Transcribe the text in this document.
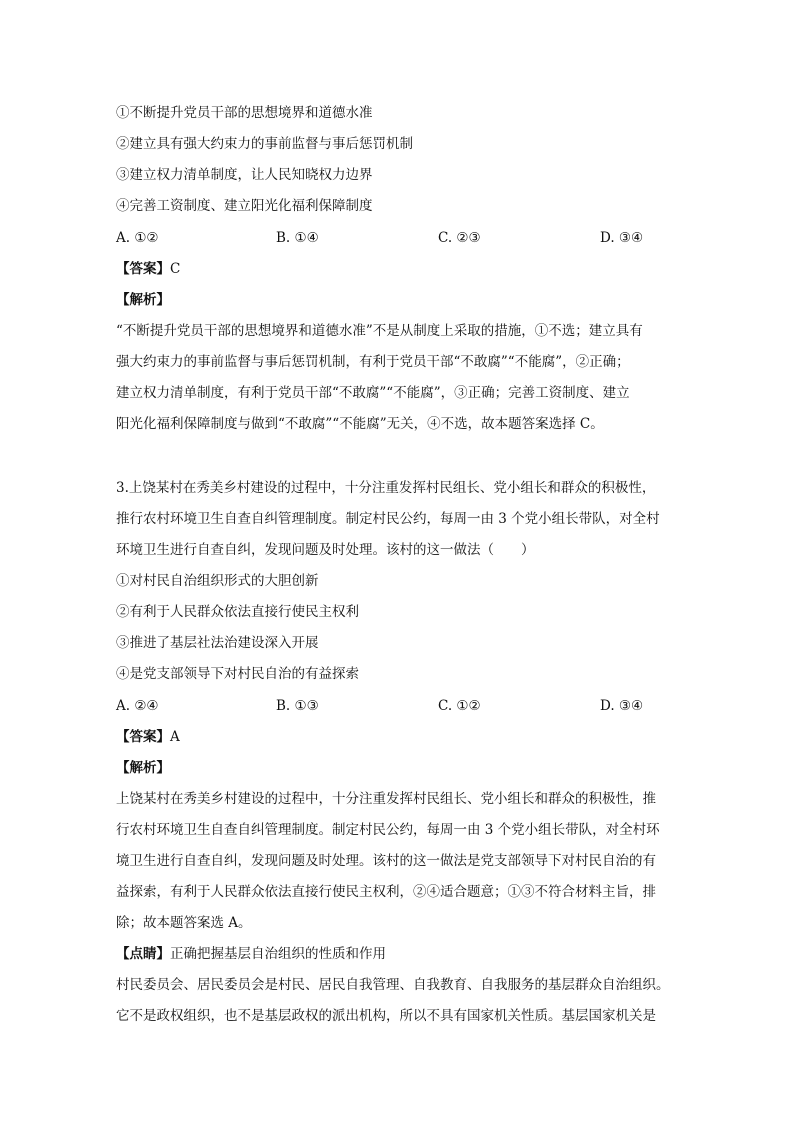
①不断提升党员干部的思想境界和道德水准
②建立具有强大约束力的事前监督与事后惩罚机制
③建立权力清单制度，让人民知晓权力边界
④完善工资制度、建立阳光化福利保障制度
A. ①②	B. ①④	C. ②③	D. ③④
【答案】C
【解析】
“不断提升党员干部的思想境界和道德水准”不是从制度上采取的措施，①不选；建立具有
强大约束力的事前监督与事后惩罚机制，有利于党员干部“不敢腐”“不能腐”，②正确；
建立权力清单制度，有利于党员干部“不敢腐”“不能腐”，③正确；完善工资制度、建立
阳光化福利保障制度与做到“不敢腐”“不能腐”无关，④不选，故本题答案选择 C。
3.上饶某村在秀美乡村建设的过程中，十分注重发挥村民组长、党小组长和群众的积极性，
推行农村环境卫生自查自纠管理制度。制定村民公约，每周一由 3 个党小组长带队，对全村
环境卫生进行自查自纠，发现问题及时处理。该村的这一做法（　　）
①对村民自治组织形式的大胆创新
②有利于人民群众依法直接行使民主权利
③推进了基层社法治建设深入开展
④是党支部领导下对村民自治的有益探索
A. ②④	B. ①③	C. ①②	D. ③④
【答案】A
【解析】
上饶某村在秀美乡村建设的过程中，十分注重发挥村民组长、党小组长和群众的积极性，推
行农村环境卫生自查自纠管理制度。制定村民公约，每周一由 3 个党小组长带队，对全村环
境卫生进行自查自纠，发现问题及时处理。该村的这一做法是党支部领导下对村民自治的有
益探索，有利于人民群众依法直接行使民主权利，②④适合题意；①③不符合材料主旨，排
除；故本题答案选 A。
【点睛】正确把握基层自治组织的性质和作用
村民委员会、居民委员会是村民、居民自我管理、自我教育、自我服务的基层群众自治组织。
它不是政权组织，也不是基层政权的派出机构，所以不具有国家机关性质。基层国家机关是
